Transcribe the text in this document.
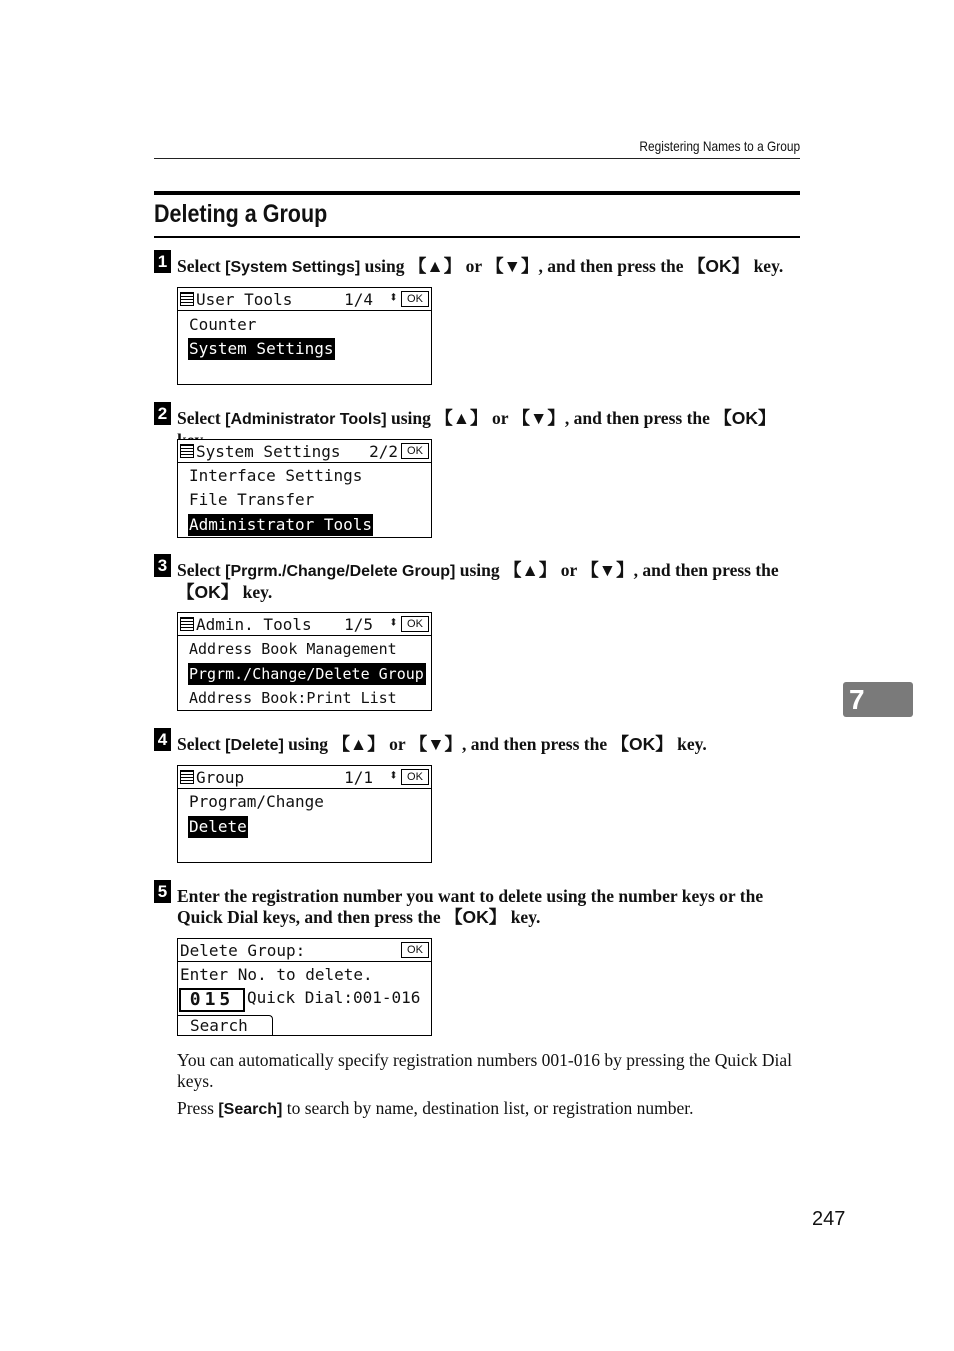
Registering Names to a Group
Deleting a Group
1 Select [System Settings] using 【▲】 or 【▼】, and then press the 【OK】 key.
User Tools	1/4 ⬍ OK
Counter
System Settings
2 Select [Administrator Tools] using 【▲】 or 【▼】, and then press the 【OK】
System Settings 2/2 OK
Interface Settings
File Transfer
Administrator Tools
3 Select [Prgrm./Change/Delete Group] using 【▲】 or 【▼】, and then press the 【OK】 key.
Admin. Tools 1/5 ⬍ OK
Address Book Management
Prgrm./Change/Delete Group
Address Book:Print List
4 Select [Delete] using 【▲】 or 【▼】, and then press the 【OK】 key.
Group	1/1 ⬍ OK
Program/Change
Delete
5 Enter the registration number you want to delete using the number keys or the Quick Dial keys, and then press the 【OK】 key.
Delete Group:	OK
Enter No. to delete.
015 Quick Dial:001-016
Search
You can automatically specify registration numbers 001-016 by pressing the Quick Dial keys.
Press [Search] to search by name, destination list, or registration number.
7
247
